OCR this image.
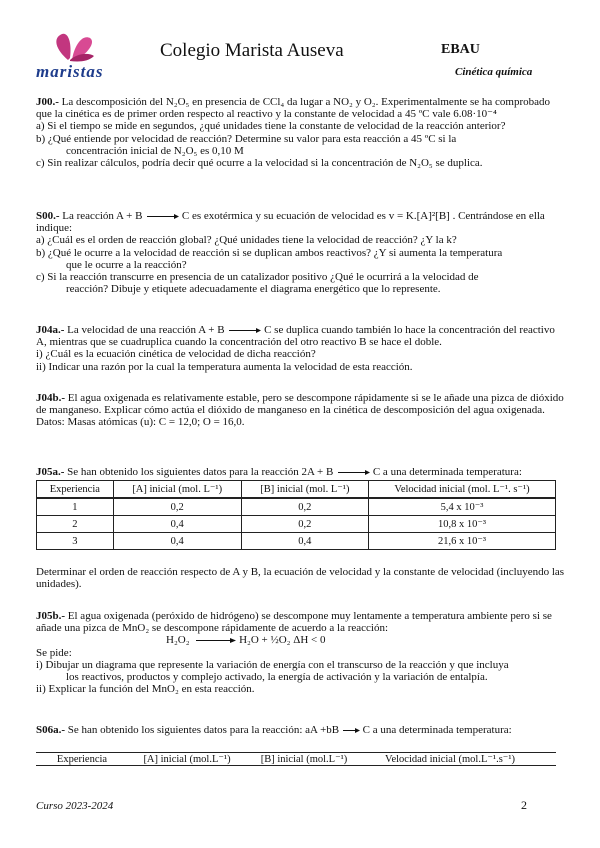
maristas
Colegio Marista Auseva	EBAU
Cinética química

J00.- La descomposición del N₂O₅ en presencia de CCl₄ da lugar a NO₂ y O₂. Experimentalmente se ha comprobado que la cinética es de primer orden respecto al reactivo y la constante de velocidad a 45 ºC vale 6.08·10⁻⁴

a) Si el tiempo se mide en segundos, ¿qué unidades tiene la constante de velocidad de la reacción anterior?

b) ¿Qué entiende por velocidad de reacción? Determine su valor para esta reacción a 45 ºC si la

concentración inicial de N₂O₅ es 0,10 M

c) Sin realizar cálculos, podría decir qué ocurre a la velocidad si la concentración de N₂O₅ se duplica.

S00.- La reacción A + B → C es exotérmica y su ecuación de velocidad es v = K.[A]²[B] . Centrándose en ella indique:

a) ¿Cuál es el orden de reacción global? ¿Qué unidades tiene la velocidad de reacción? ¿Y la k?

b) ¿Qué le ocurre a la velocidad de reacción si se duplican ambos reactivos? ¿Y si aumenta la temperatura

que le ocurre a la reacción?

c) Si la reacción transcurre en presencia de un catalizador positivo ¿Qué le ocurrirá a la velocidad de

reacción? Dibuje y etiquete adecuadamente el diagrama energético que lo represente.

J04a.- La velocidad de una reacción A + B → C se duplica cuando también lo hace la concentración del reactivo A, mientras que se cuadruplica cuando la concentración del otro reactivo B se hace el doble.

i) ¿Cuál es la ecuación cinética de velocidad de dicha reacción?

ii) Indicar una razón por la cual la temperatura aumenta la velocidad de esta reacción.

J04b.- El agua oxigenada es relativamente estable, pero se descompone rápidamente si se le añade una pizca de dióxido de manganeso. Explicar cómo actúa el dióxido de manganeso en la cinética de descomposición del agua oxigenada.

Datos: Masas atómicas (u): C = 12,0; O = 16,0.

J05a.- Se han obtenido los siguientes datos para la reacción 2A + B → C a una determinada temperatura:

Experiencia	[A] inicial (mol. L⁻¹)	[B] inicial (mol. L⁻¹)	Velocidad inicial (mol. L⁻¹. s⁻¹)
1	0,2	0,2	5,4 x 10⁻³
2	0,4	0,2	10,8 x 10⁻³
3	0,4	0,4	21,6 x 10⁻³

Determinar el orden de reacción respecto de A y B, la ecuación de velocidad y la constante de velocidad (incluyendo las unidades).

J05b.- El agua oxigenada (peróxido de hidrógeno) se descompone muy lentamente a temperatura ambiente pero si se añade una pizca de MnO₂ se descompone rápidamente de acuerdo a la reacción:

H₂O₂ → H₂O + ½O₂ ΔH < 0

Se pide:

i) Dibujar un diagrama que represente la variación de energía con el transcurso de la reacción y que incluya

los reactivos, productos y complejo activado, la energía de activación y la variación de entalpía.

ii) Explicar la función del MnO₂ en esta reacción.

S06a.- Se han obtenido los siguientes datos para la reacción: aA +bB → C a una determinada temperatura:

Experiencia	[A] inicial (mol.L⁻¹)	[B] inicial (mol.L⁻¹)	Velocidad inicial (mol.L⁻¹.s⁻¹)
Curso 2023-2024	2
